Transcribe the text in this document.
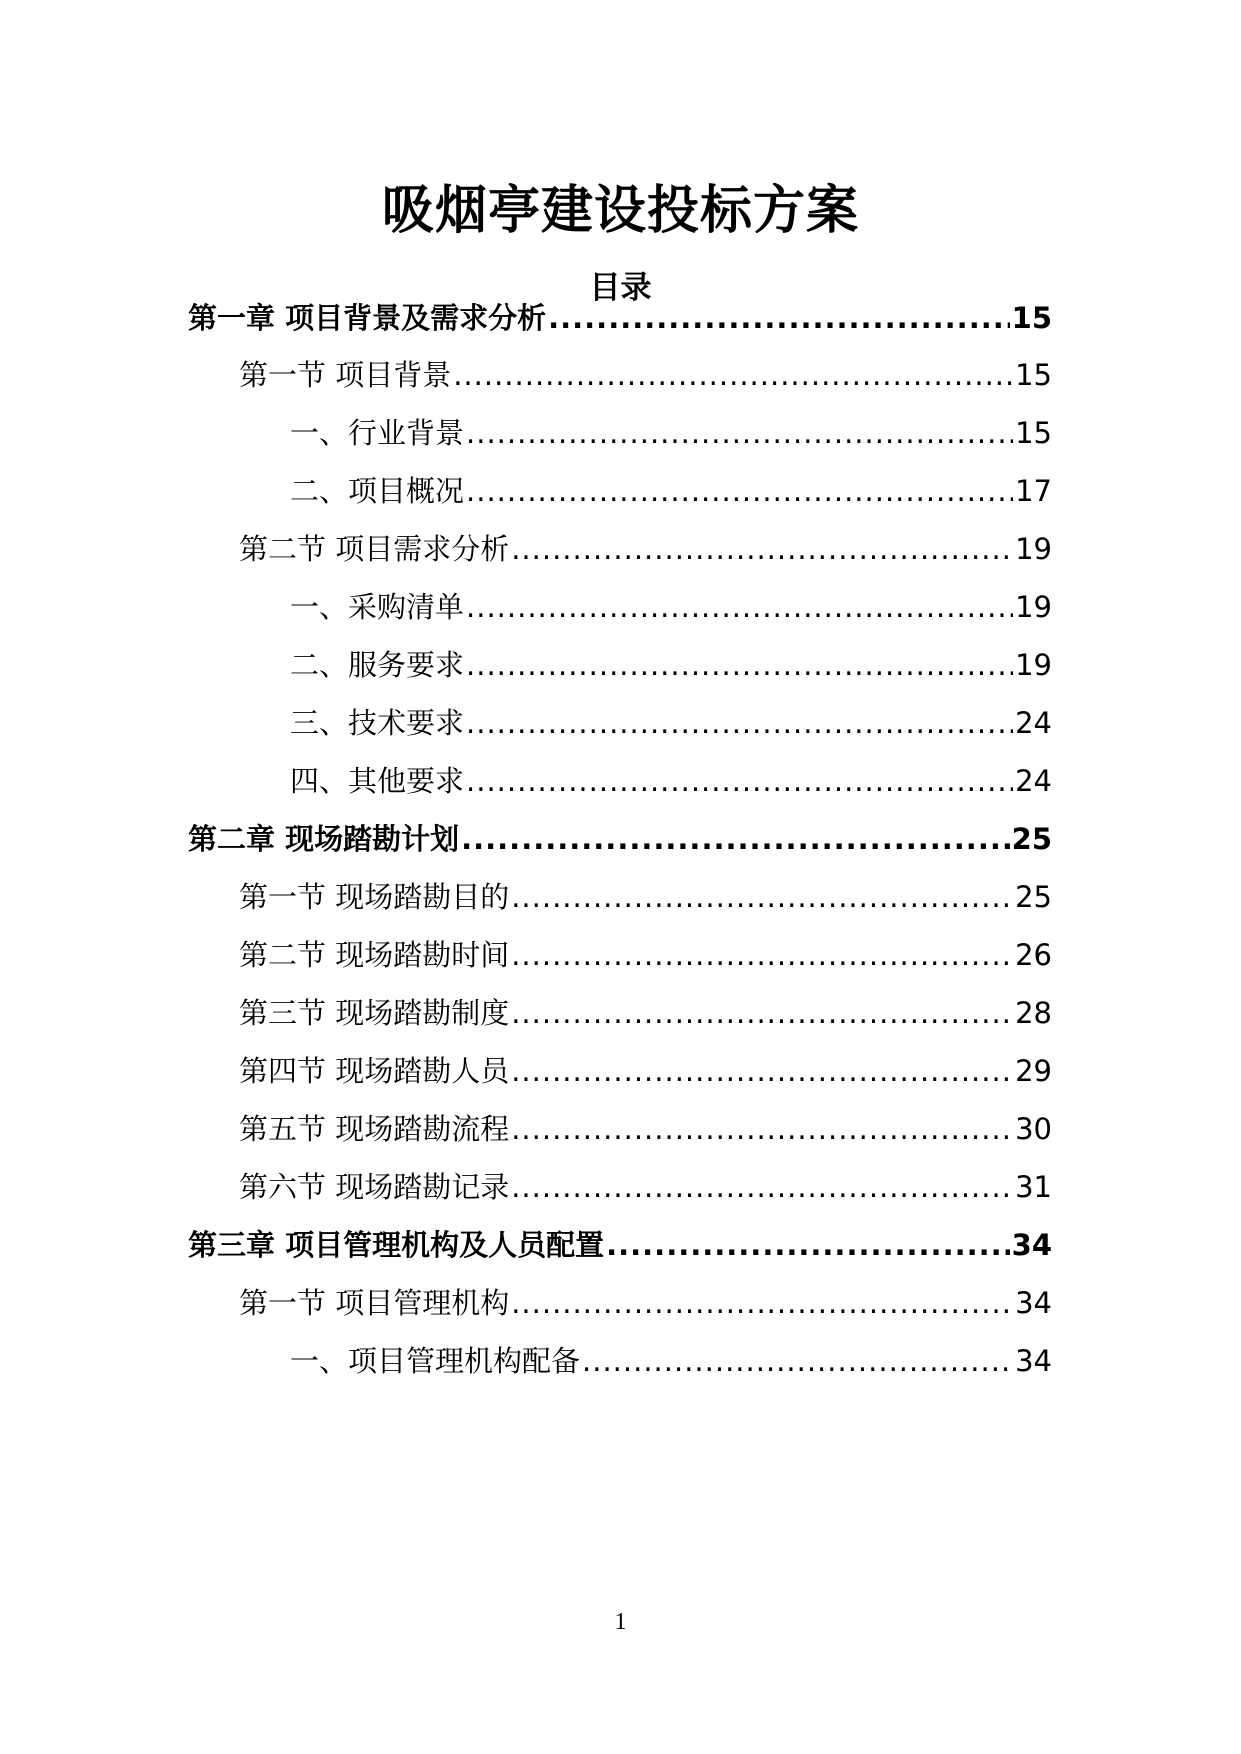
吸烟亭建设投标方案
目录
第一章 项目背景及需求分析 .....	15
第一节 项目背景 .....	15
一、行业背景 .....	15
二、项目概况 .....	17
第二节 项目需求分析 .....	19
一、采购清单 .....	19
二、服务要求 .....	19
三、技术要求 .....	24
四、其他要求 .....	24
第二章 现场踏勘计划 .....	25
第一节 现场踏勘目的 .....	25
第二节 现场踏勘时间 .....	26
第三节 现场踏勘制度 .....	28
第四节 现场踏勘人员 .....	29
第五节 现场踏勘流程 .....	30
第六节 现场踏勘记录 .....	31
第三章 项目管理机构及人员配置 .....	34
第一节 项目管理机构 .....	34
一、项目管理机构配备 .....	34
1
